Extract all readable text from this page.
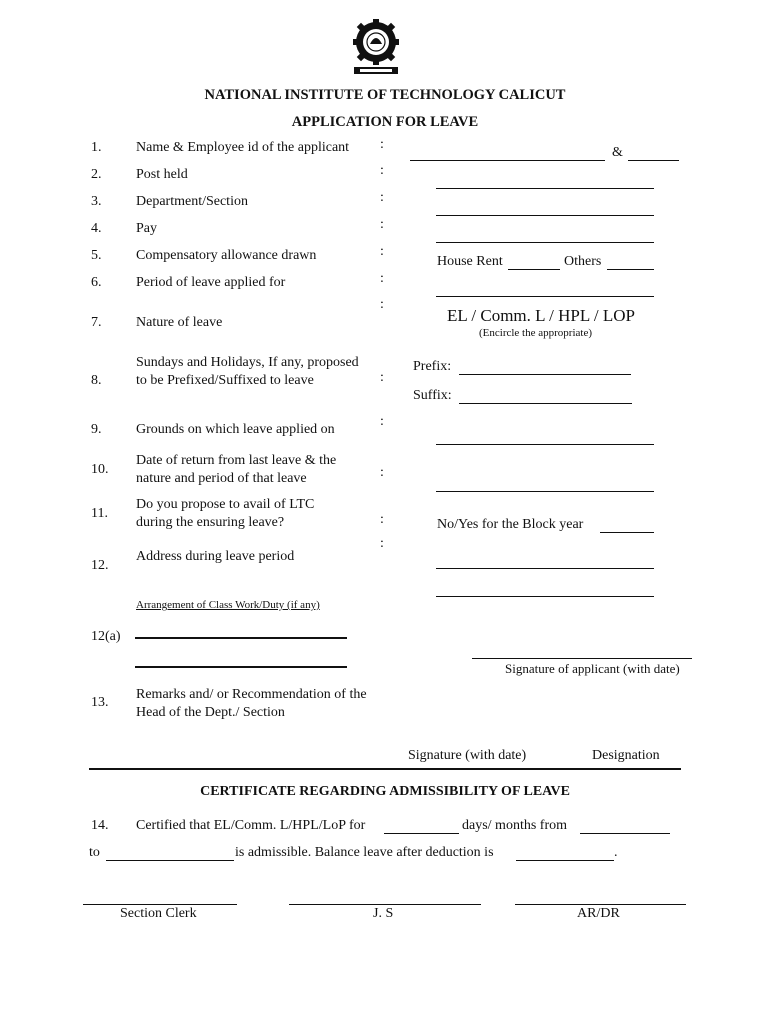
NATIONAL INSTITUTE OF TECHNOLOGY CALICUT
APPLICATION FOR LEAVE
1. Name & Employee id of the applicant :
&
2. Post held	:
3. Department/Section	:
4. Pay	:
5. Compensatory allowance drawn	:
House Rent	Others
6. Period of leave applied for	:
7. Nature of leave
:
EL / Comm. L / HPL / LOP
(Encircle the appropriate)
8.
Sundays and Holidays, If any, proposed to be Prefixed/Suffixed to leave	:
Prefix:
Suffix:
9. Grounds on which leave applied on
:
10.
Date of return from last leave & the nature and period of that leave	:
11.
Do you propose to avail of LTC during the ensuring leave?	:	No/Yes for the Block year
12.
Address during leave period
:
Arrangement of Class Work/Duty (if any)
12(a)
Signature of applicant (with date)
13.
Remarks and/ or Recommendation of the Head of the Dept./ Section
Signature (with date)	Designation
CERTIFICATE REGARDING ADMISSIBILITY OF LEAVE
14. Certified that EL/Comm. L/HPL/LoP for	days/ months from
to	is admissible. Balance leave after deduction is	.
Section Clerk	J. S	AR/DR
